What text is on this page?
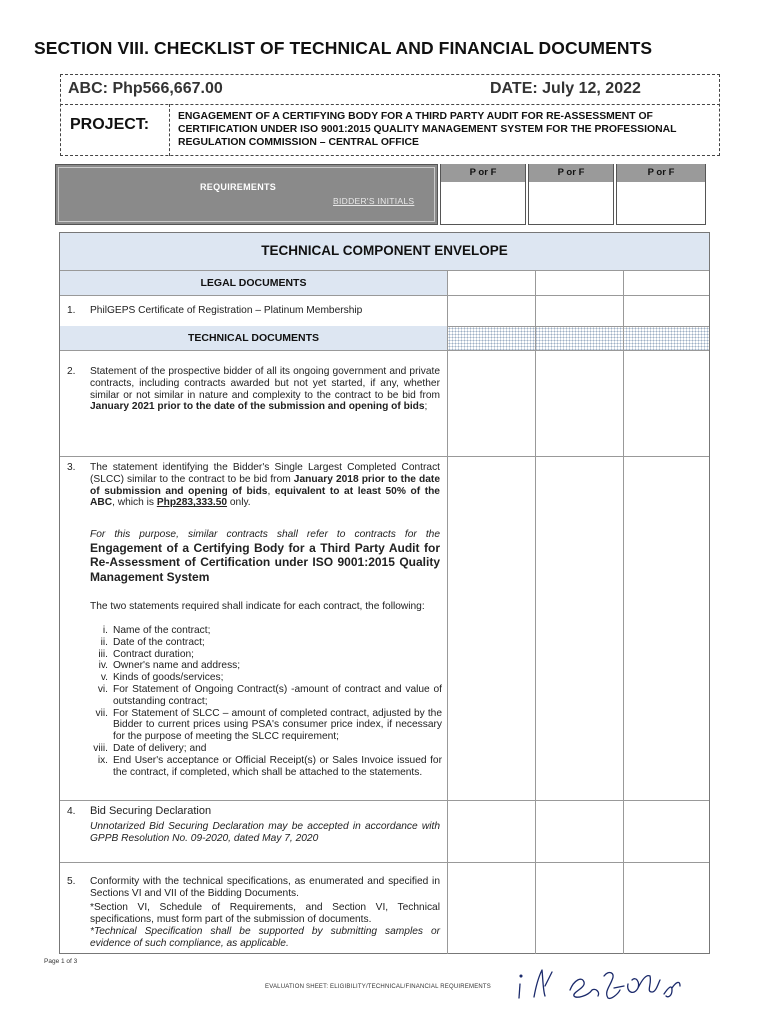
SECTION VIII. CHECKLIST OF TECHNICAL AND FINANCIAL DOCUMENTS
ABC: Php566,667.00	DATE: July 12, 2022
PROJECT:	ENGAGEMENT OF A CERTIFYING BODY FOR A THIRD PARTY AUDIT FOR RE-ASSESSMENT OF CERTIFICATION UNDER ISO 9001:2015 QUALITY MANAGEMENT SYSTEM FOR THE PROFESSIONAL REGULATION COMMISSION – CENTRAL OFFICE
REQUIREMENTS
BIDDER'S INITIALS
P or F	P or F	P or F
TECHNICAL COMPONENT ENVELOPE
LEGAL DOCUMENTS
TECHNICAL DOCUMENTS
1. PhilGEPS Certificate of Registration – Platinum Membership
2. Statement of the prospective bidder of all its ongoing government and private contracts, including contracts awarded but not yet started, if any, whether similar or not similar in nature and complexity to the contract to be bid from January 2021 prior to the date of the submission and opening of bids;
3. The statement identifying the Bidder's Single Largest Completed Contract (SLCC) similar to the contract to be bid from January 2018 prior to the date of submission and opening of bids, equivalent to at least 50% of the ABC, which is Php283,333.50 only.
For this purpose, similar contracts shall refer to contracts for the Engagement of a Certifying Body for a Third Party Audit for Re-Assessment of Certification under ISO 9001:2015 Quality Management System
The two statements required shall indicate for each contract, the following:
i. Name of the contract;
ii. Date of the contract;
iii. Contract duration;
iv. Owner's name and address;
v. Kinds of goods/services;
vi. For Statement of Ongoing Contract(s) -amount of contract and value of outstanding contract;
vii. For Statement of SLCC – amount of completed contract, adjusted by the Bidder to current prices using PSA's consumer price index, if necessary for the purpose of meeting the SLCC requirement;
viii. Date of delivery; and
ix. End User's acceptance or Official Receipt(s) or Sales Invoice issued for the contract, if completed, which shall be attached to the statements.
4. Bid Securing Declaration
Unnotarized Bid Securing Declaration may be accepted in accordance with GPPB Resolution No. 09-2020, dated May 7, 2020
5. Conformity with the technical specifications, as enumerated and specified in Sections VI and VII of the Bidding Documents.
*Section VI, Schedule of Requirements, and Section VI, Technical specifications, must form part of the submission of documents.
*Technical Specification shall be supported by submitting samples or evidence of such compliance, as applicable.
Page 1 of 3
EVALUATION SHEET: ELIGIBILITY/TECHNICAL/FINANCIAL REQUIREMENTS
